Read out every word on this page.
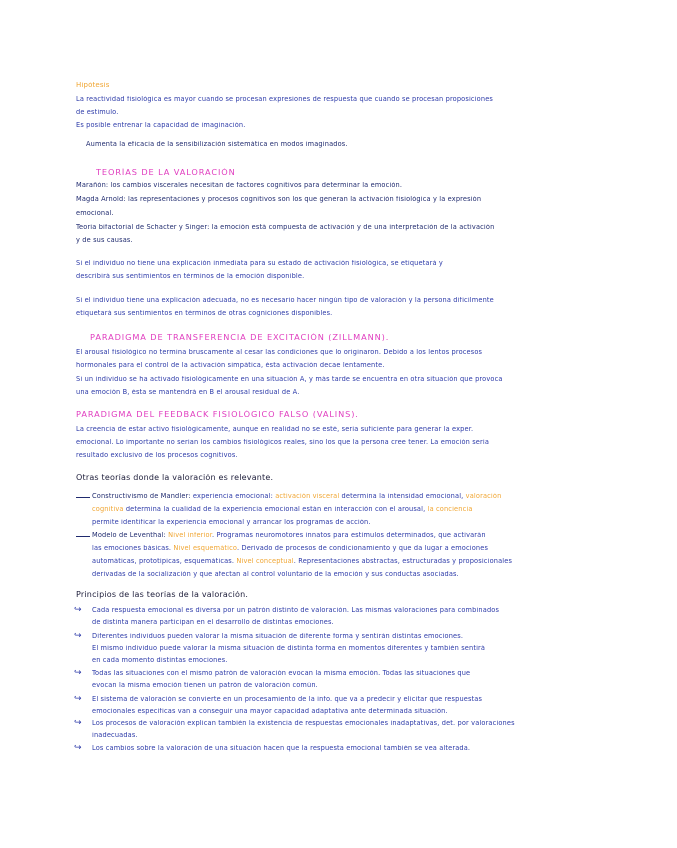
Hipótesis
La reactividad fisiológica es mayor cuando se procesan expresiones de respuesta que cuando se procesan proposiciones
de estímulo.
Es posible entrenar la capacidad de imaginación.
Aumenta la eficacia de la sensibilización sistemática en modos imaginados.
TEORÍAS DE LA VALORACIÓN
Marañón: los cambios viscerales necesitan de factores cognitivos para determinar la emoción.
Magda Arnold: las representaciones y procesos cognitivos son los que generan la activación fisiológica y la expresión
emocional.
Teoría bifactorial de Schacter y Singer: la emoción está compuesta de activación y de una interpretación de la activación
y de sus causas.
Si el individuo no tiene una explicación inmediata para su estado de activación fisiológica, se etiquetará y
describirá sus sentimientos en términos de la emoción disponible.
Si el individuo tiene una explicación adecuada, no es necesario hacer ningún tipo de valoración y la persona difícilmente
etiquetará sus sentimientos en términos de otras cogniciones disponibles.
PARADIGMA DE TRANSFERENCIA DE EXCITACIÓN (ZILLMANN).
El arousal fisiológico no termina bruscamente al cesar las condiciones que lo originaron. Debido a los lentos procesos
hormonales para el control de la activación simpática, ésta activación decae lentamente.
Si un individuo se ha activado fisiológicamente en una situación A, y más tarde se encuentra en otra situación que provoca
una emoción B, ésta se mantendrá en B el arousal residual de A.
PARADIGMA DEL FEEDBACK FISIOLÓGICO FALSO (VALINS).
La creencia de estar activo fisiológicamente, aunque en realidad no se esté, sería suficiente para generar la exper.
emocional. Lo importante no serían los cambios fisiológicos reales, sino los que la persona cree tener. La emoción sería
resultado exclusivo de los procesos cognitivos.
Otras teorías donde la valoración es relevante.
Constructivismo de Mandler: experiencia emocional: activación visceral determina la intensidad emocional, valoración
cognitiva determina la cualidad de la experiencia emocional están en interacción con el arousal, la conciencia
permite identificar la experiencia emocional y arrancar los programas de acción.
Modelo de Leventhal: Nivel inferior. Programas neuromotores innatos para estímulos determinados, que activarán
las emociones básicas. Nivel esquemático. Derivado de procesos de condicionamiento y que da lugar a emociones
automáticas, prototípicas, esquemáticas. Nivel conceptual. Representaciones abstractas, estructuradas y proposicionales
derivadas de la socialización y que afectan al control voluntario de la emoción y sus conductas asociadas.
Principios de las teorías de la valoración.
↪	Cada respuesta emocional es diversa por un patrón distinto de valoración. Las mismas valoraciones para combinados
de distinta manera participan en el desarrollo de distintas emociones.
↪	Diferentes individuos pueden valorar la misma situación de diferente forma y sentirán distintas emociones.
El mismo individuo puede valorar la misma situación de distinta forma en momentos diferentes y también sentirá
en cada momento distintas emociones.
↪	Todas las situaciones con el mismo patrón de valoración evocan la misma emoción. Todas las situaciones que
evocan la misma emoción tienen un patrón de valoración común.
↪	El sistema de valoración se convierte en un procesamiento de la info. que va a predecir y elicitar que respuestas
emocionales específicas van a conseguir una mayor capacidad adaptativa ante determinada situación.
↪	Los procesos de valoración explican también la existencia de respuestas emocionales inadaptativas, det. por valoraciones
inadecuadas.
↪	Los cambios sobre la valoración de una situación hacen que la respuesta emocional también se vea alterada.
